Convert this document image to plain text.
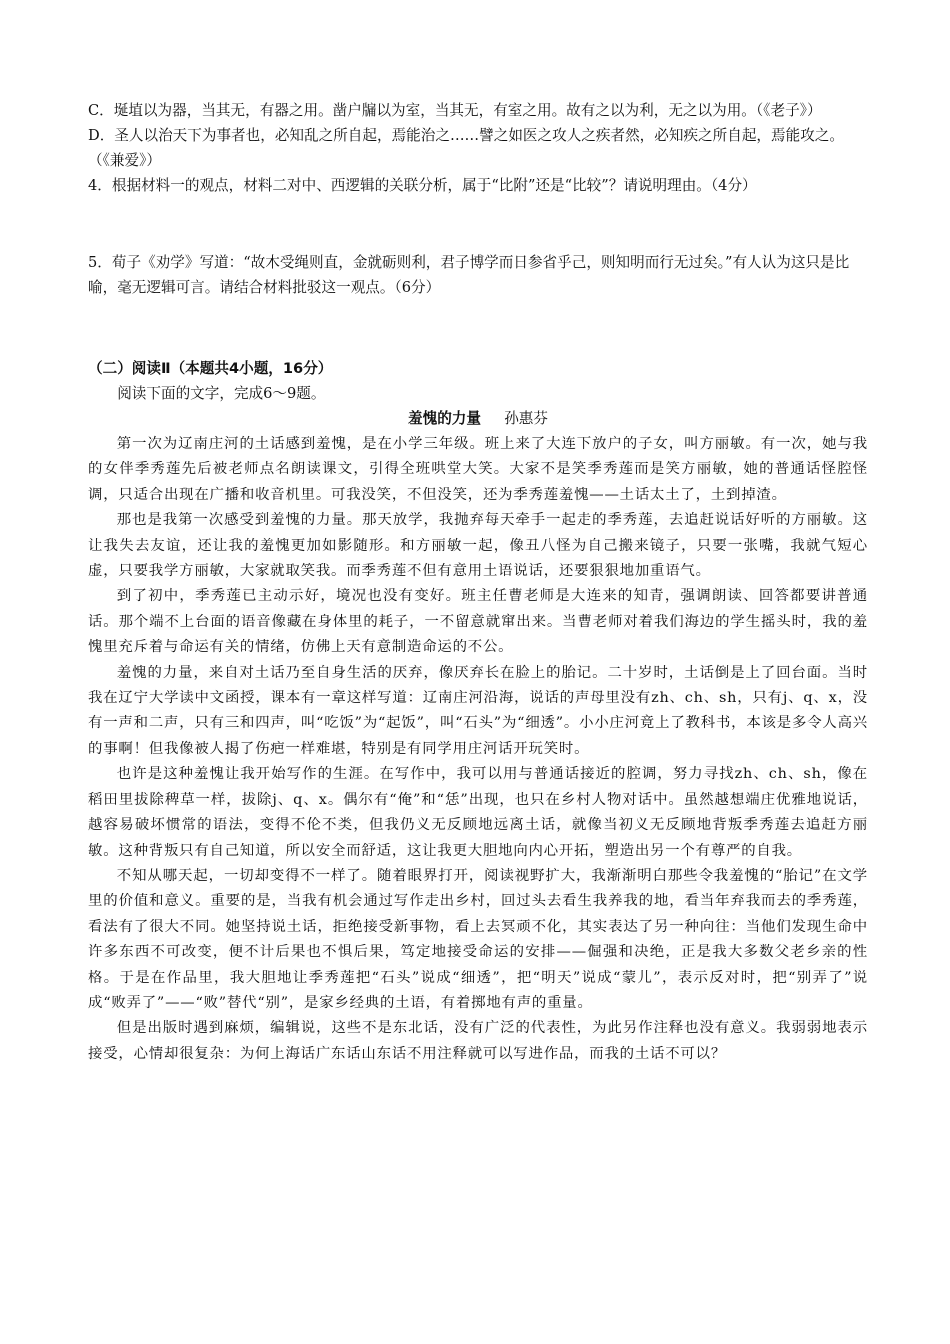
C．埏埴以为器，当其无，有器之用。凿户牖以为室，当其无，有室之用。故有之以为利，无之以为用。（《老子》）

D．圣人以治天下为事者也，必知乱之所自起，焉能治之……譬之如医之攻人之疾者然，必知疾之所自起，焉能攻之。（《兼爱》）

4．根据材料一的观点，材料二对中、西逻辑的关联分析，属于“比附”还是“比较”？请说明理由。（4分）

5．荀子《劝学》写道：“故木受绳则直，金就砺则利，君子博学而日参省乎己，则知明而行无过矣。”有人认为这只是比喻，毫无逻辑可言。请结合材料批驳这一观点。（6分）

（二）阅读Ⅱ（本题共4小题，16分）

阅读下面的文字，完成6～9题。

羞愧的力量 孙惠芬

第一次为辽南庄河的土话感到羞愧，是在小学三年级。班上来了大连下放户的子女，叫方丽敏。有一次，她与我的女伴季秀莲先后被老师点名朗读课文，引得全班哄堂大笑。大家不是笑季秀莲而是笑方丽敏，她的普通话怪腔怪调，只适合出现在广播和收音机里。可我没笑，不但没笑，还为季秀莲羞愧——土话太土了，土到掉渣。

那也是我第一次感受到羞愧的力量。那天放学，我抛弃每天牵手一起走的季秀莲，去追赶说话好听的方丽敏。这让我失去友谊，还让我的羞愧更加如影随形。和方丽敏一起，像丑八怪为自己搬来镜子，只要一张嘴，我就气短心虚，只要我学方丽敏，大家就取笑我。而季秀莲不但有意用土语说话，还要狠狠地加重语气。

到了初中，季秀莲已主动示好，境况也没有变好。班主任曹老师是大连来的知青，强调朗读、回答都要讲普通话。那个端不上台面的语音像藏在身体里的耗子，一不留意就窜出来。当曹老师对着我们海边的学生摇头时，我的羞愧里充斥着与命运有关的情绪，仿佛上天有意制造命运的不公。

羞愧的力量，来自对土话乃至自身生活的厌弃，像厌弃长在脸上的胎记。二十岁时，土话倒是上了回台面。当时我在辽宁大学读中文函授，课本有一章这样写道：辽南庄河沿海，说话的声母里没有zh、ch、sh，只有j、q、x，没有一声和二声，只有三和四声，叫“吃饭”为“起饭”，叫“石头”为“细透”。小小庄河竟上了教科书，本该是多令人高兴的事啊！但我像被人揭了伤疤一样难堪，特别是有同学用庄河话开玩笑时。

也许是这种羞愧让我开始写作的生涯。在写作中，我可以用与普通话接近的腔调，努力寻找zh、ch、sh，像在稻田里拔除稗草一样，拔除j、q、x。偶尔有“俺”和“恁”出现，也只在乡村人物对话中。虽然越想端庄优雅地说话，越容易破坏惯常的语法，变得不伦不类，但我仍义无反顾地远离土话，就像当初义无反顾地背叛季秀莲去追赶方丽敏。这种背叛只有自己知道，所以安全而舒适，这让我更大胆地向内心开拓，塑造出另一个有尊严的自我。

不知从哪天起，一切却变得不一样了。随着眼界打开，阅读视野扩大，我渐渐明白那些令我羞愧的“胎记”在文学里的价值和意义。重要的是，当我有机会通过写作走出乡村，回过头去看生我养我的地，看当年弃我而去的季秀莲，看法有了很大不同。她坚持说土话，拒绝接受新事物，看上去冥顽不化，其实表达了另一种向往：当他们发现生命中许多东西不可改变，便不计后果也不惧后果，笃定地接受命运的安排——倔强和决绝，正是我大多数父老乡亲的性格。于是在作品里，我大胆地让季秀莲把“石头”说成“细透”，把“明天”说成“蒙儿”，表示反对时，把“别弄了”说成“败弄了”——“败”替代“别”，是家乡经典的土语，有着掷地有声的重量。

但是出版时遇到麻烦，编辑说，这些不是东北话，没有广泛的代表性，为此另作注释也没有意义。我弱弱地表示接受，心情却很复杂：为何上海话广东话山东话不用注释就可以写进作品，而我的土话不可以？
